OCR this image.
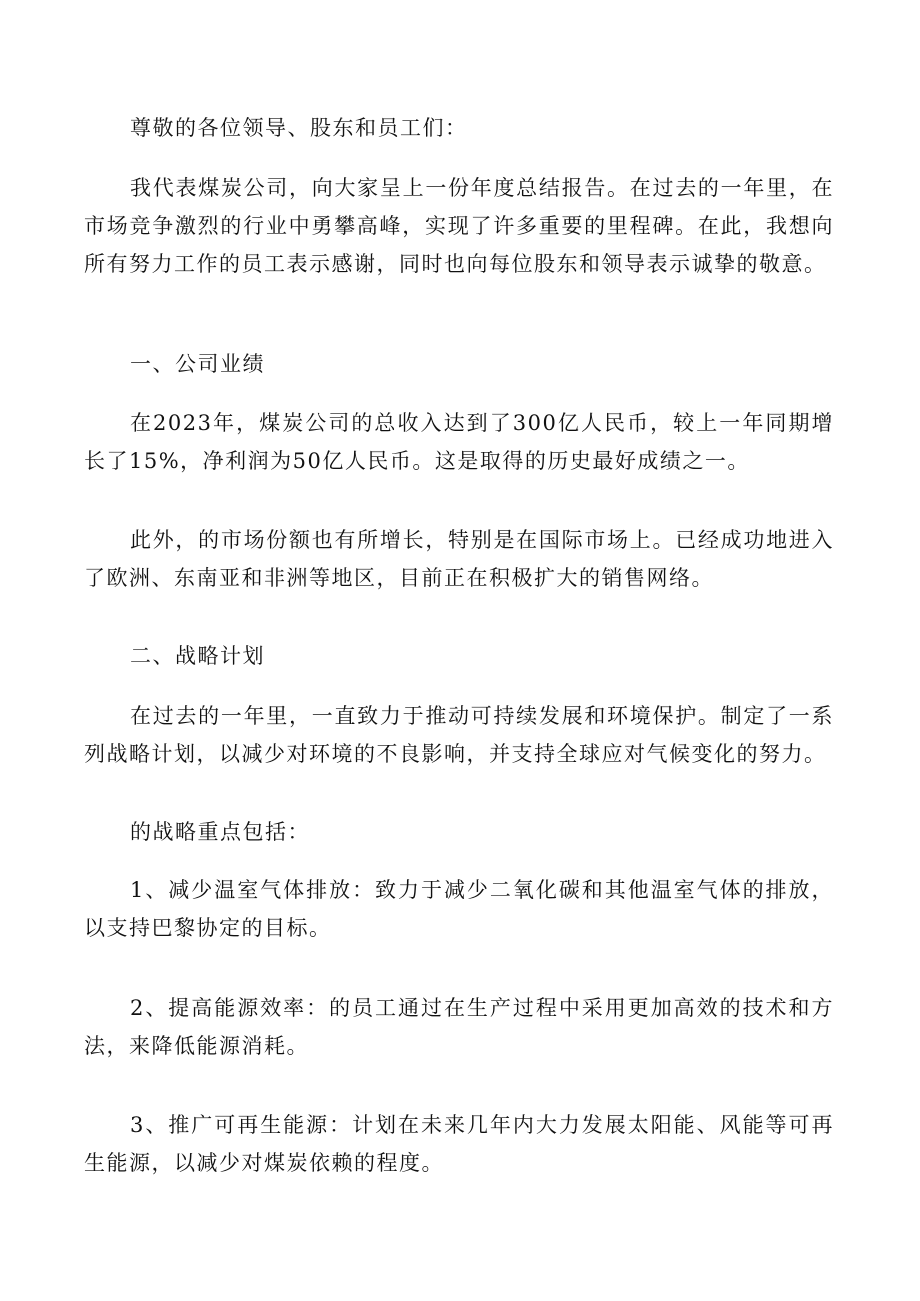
尊敬的各位领导、股东和员工们：

我代表煤炭公司，向大家呈上一份年度总结报告。在过去的一年里，在市场竞争激烈的行业中勇攀高峰，实现了许多重要的里程碑。在此，我想向所有努力工作的员工表示感谢，同时也向每位股东和领导表示诚挚的敬意。

一、公司业绩

在2023年，煤炭公司的总收入达到了300亿人民币，较上一年同期增长了15%，净利润为50亿人民币。这是取得的历史最好成绩之一。

此外，的市场份额也有所增长，特别是在国际市场上。已经成功地进入了欧洲、东南亚和非洲等地区，目前正在积极扩大的销售网络。

二、战略计划

在过去的一年里，一直致力于推动可持续发展和环境保护。制定了一系列战略计划，以减少对环境的不良影响，并支持全球应对气候变化的努力。

的战略重点包括：

1、减少温室气体排放：致力于减少二氧化碳和其他温室气体的排放，以支持巴黎协定的目标。

2、提高能源效率：的员工通过在生产过程中采用更加高效的技术和方法，来降低能源消耗。

3、推广可再生能源：计划在未来几年内大力发展太阳能、风能等可再生能源，以减少对煤炭依赖的程度。
